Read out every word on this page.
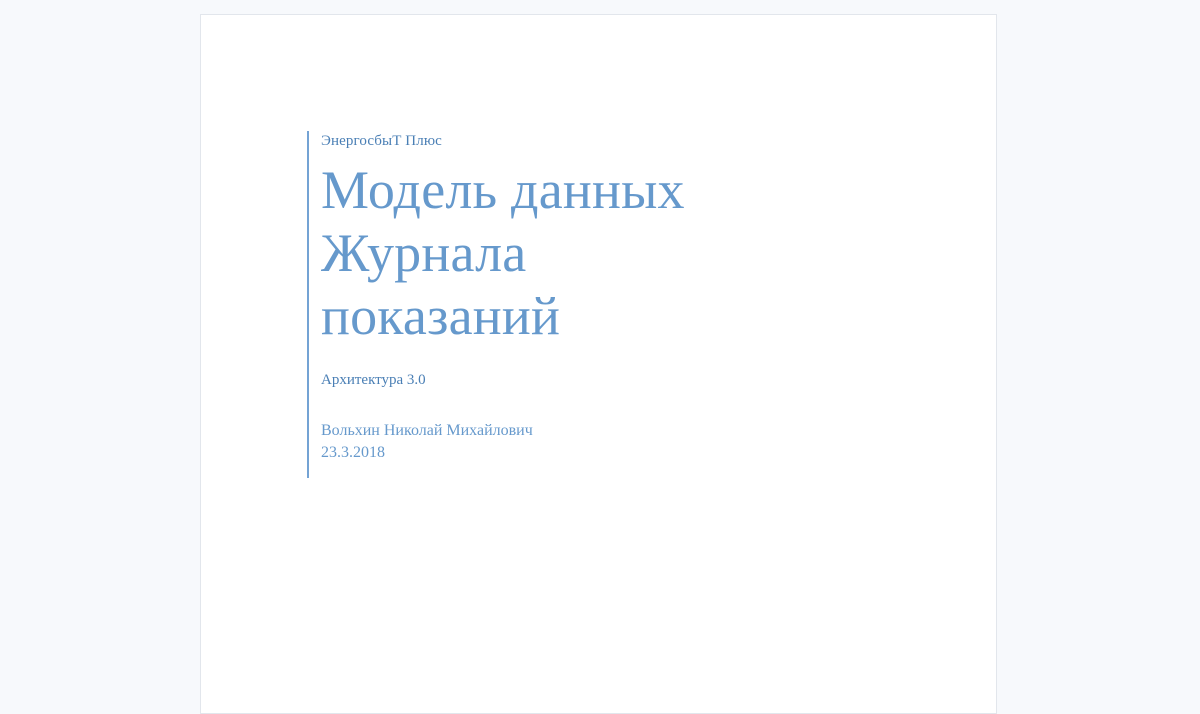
ЭнергосбыТ Плюс

Модель данных Журнала показаний

Архитектура 3.0

Вольхин Николай Михайлович

23.3.2018
